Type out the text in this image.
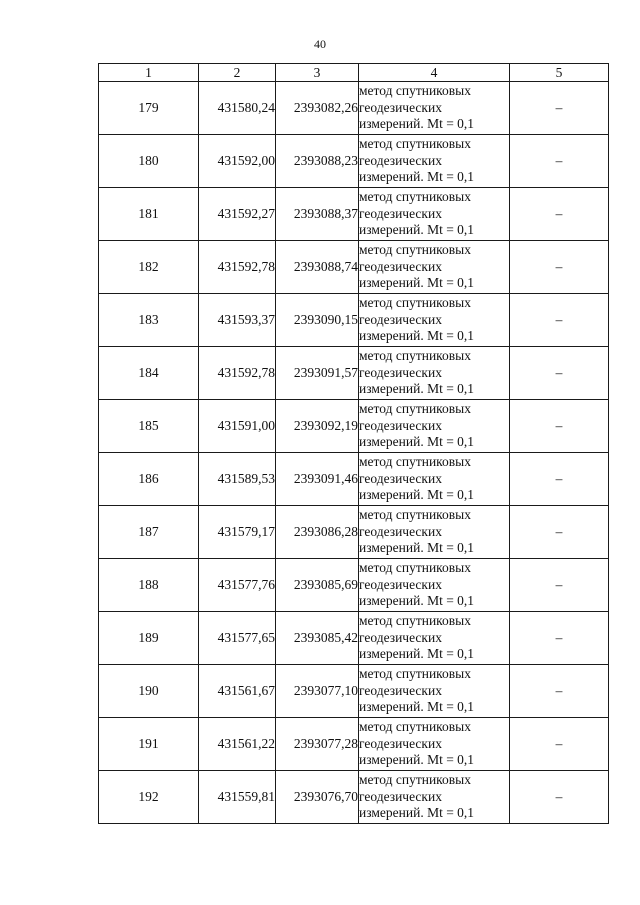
40
1	2	3	4	5
179	431580,24	2393082,26	метод спутниковых
геодезических
измерений. Mt = 0,1	–
180	431592,00	2393088,23	метод спутниковых
геодезических
измерений. Mt = 0,1	–
181	431592,27	2393088,37	метод спутниковых
геодезических
измерений. Mt = 0,1	–
182	431592,78	2393088,74	метод спутниковых
геодезических
измерений. Mt = 0,1	–
183	431593,37	2393090,15	метод спутниковых
геодезических
измерений. Mt = 0,1	–
184	431592,78	2393091,57	метод спутниковых
геодезических
измерений. Mt = 0,1	–
185	431591,00	2393092,19	метод спутниковых
геодезических
измерений. Mt = 0,1	–
186	431589,53	2393091,46	метод спутниковых
геодезических
измерений. Mt = 0,1	–
187	431579,17	2393086,28	метод спутниковых
геодезических
измерений. Mt = 0,1	–
188	431577,76	2393085,69	метод спутниковых
геодезических
измерений. Mt = 0,1	–
189	431577,65	2393085,42	метод спутниковых
геодезических
измерений. Mt = 0,1	–
190	431561,67	2393077,10	метод спутниковых
геодезических
измерений. Mt = 0,1	–
191	431561,22	2393077,28	метод спутниковых
геодезических
измерений. Mt = 0,1	–
192	431559,81	2393076,70	метод спутниковых
геодезических
измерений. Mt = 0,1	–
